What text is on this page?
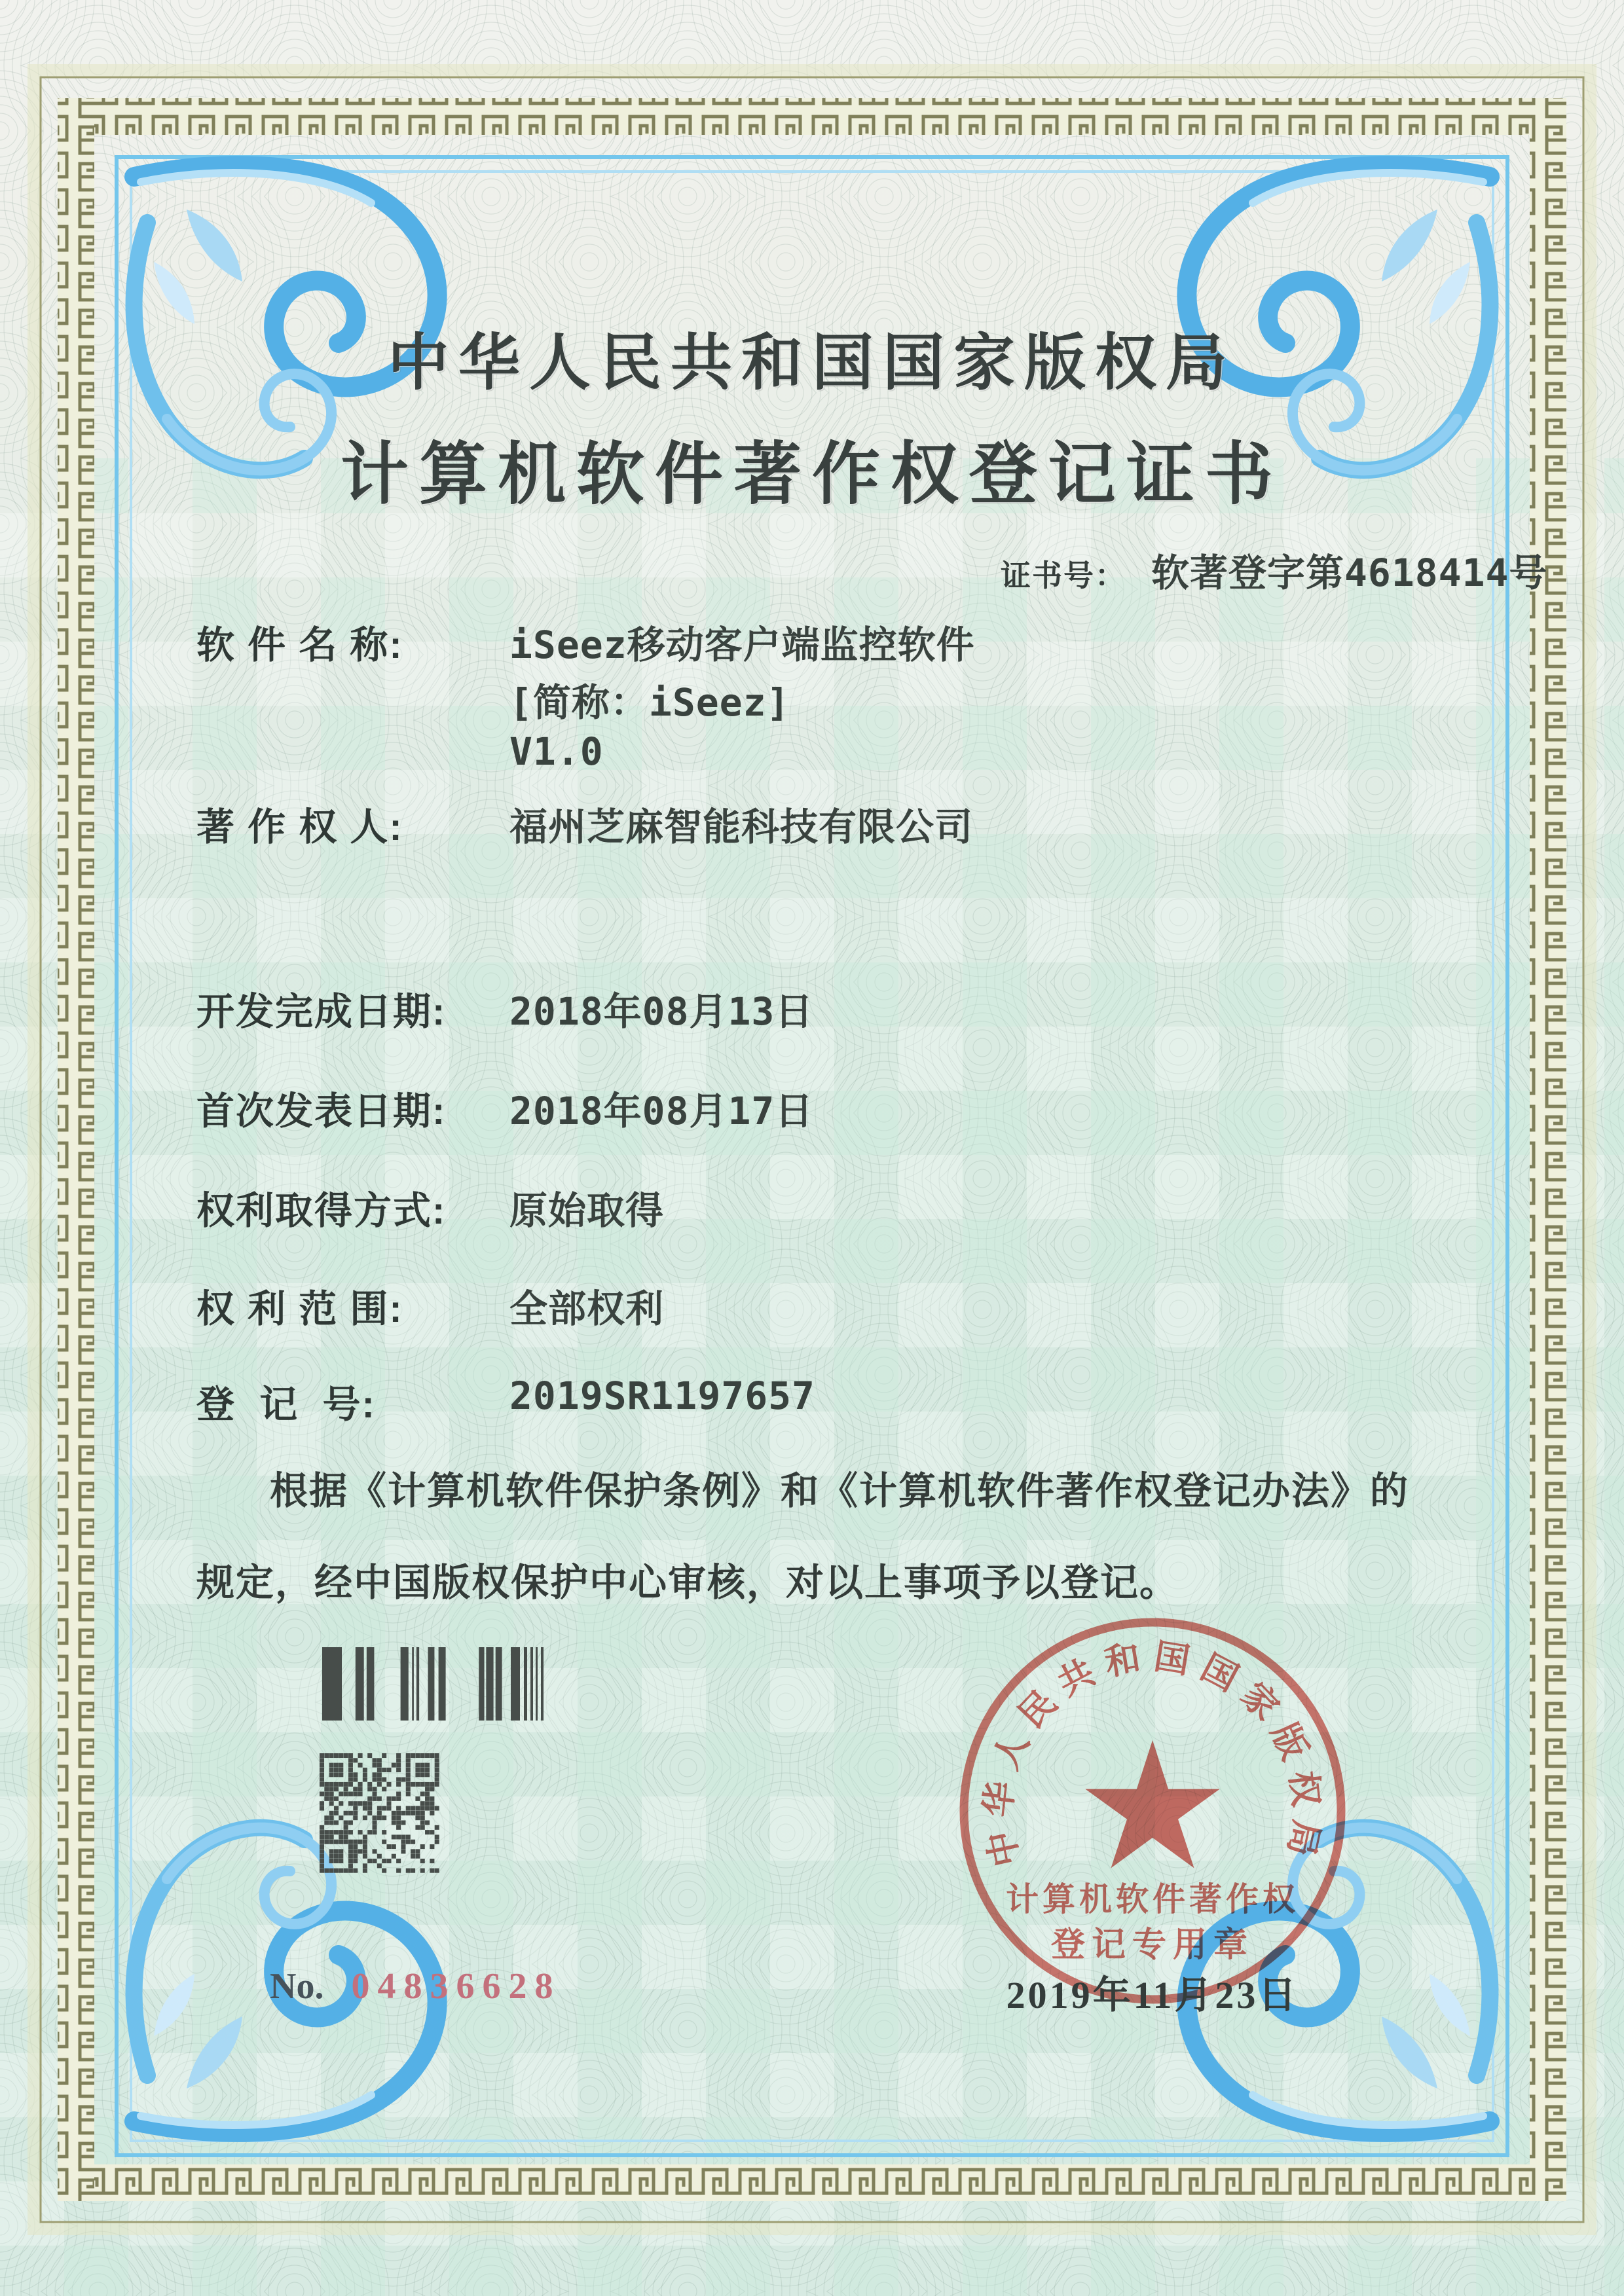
中华人民共和国国家版权局
计算机软件著作权登记证书
证书号： 软著登字第4618414号
软 件 名 称:	iSeez移动客户端监控软件
[简称：iSeez]
V1.0
著 作 权 人:	福州芝麻智能科技有限公司
开发完成日期: 2018年08月13日
首次发表日期: 2018年08月17日
权利取得方式: 原始取得
权 利 范 围:	全部权利
登  记  号:	2019SR1197657
根据《计算机软件保护条例》和《计算机软件著作权登记办法》的
规定，经中国版权保护中心审核，对以上事项予以登记。
No. 04836628
中华人民共和国国家版权局
计算机软件著作权
登记专用章
2019年11月23日
